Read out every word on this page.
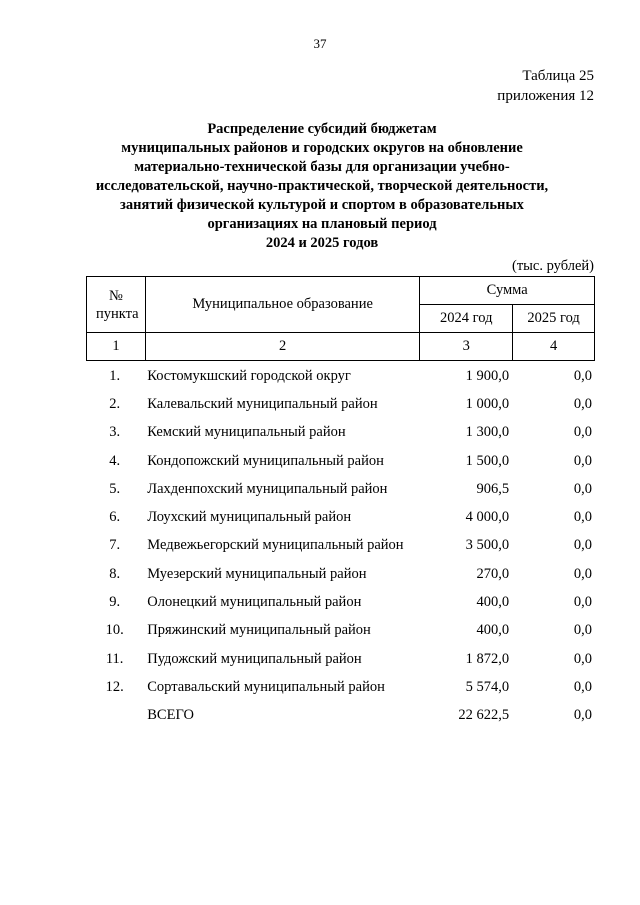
37
Таблица 25
приложения 12
Распределение субсидий бюджетам
муниципальных районов и городских округов на обновление
материально-технической базы для организации учебно-
исследовательской, научно-практической, творческой деятельности,
занятий физической культурой и спортом в образовательных
организациях на плановый период
2024 и 2025 годов
(тыс. рублей)
№ пункта	Муниципальное образование	Сумма	
		2024 год	2025 год
1	2	3	4
1.	Костомукшский городской округ	1 900,0	0,0
2.	Калевальский муниципальный район	1 000,0	0,0
3.	Кемский муниципальный район	1 300,0	0,0
4.	Кондопожский муниципальный район	1 500,0	0,0
5.	Лахденпохский муниципальный район	906,5	0,0
6.	Лоухский муниципальный район	4 000,0	0,0
7.	Медвежьегорский муниципальный район	3 500,0	0,0
8.	Муезерский муниципальный район	270,0	0,0
9.	Олонецкий муниципальный район	400,0	0,0
10.	Пряжинский муниципальный район	400,0	0,0
11.	Пудожский муниципальный район	1 872,0	0,0
12.	Сортавальский муниципальный район	5 574,0	0,0
	ВСЕГО	22 622,5	0,0
